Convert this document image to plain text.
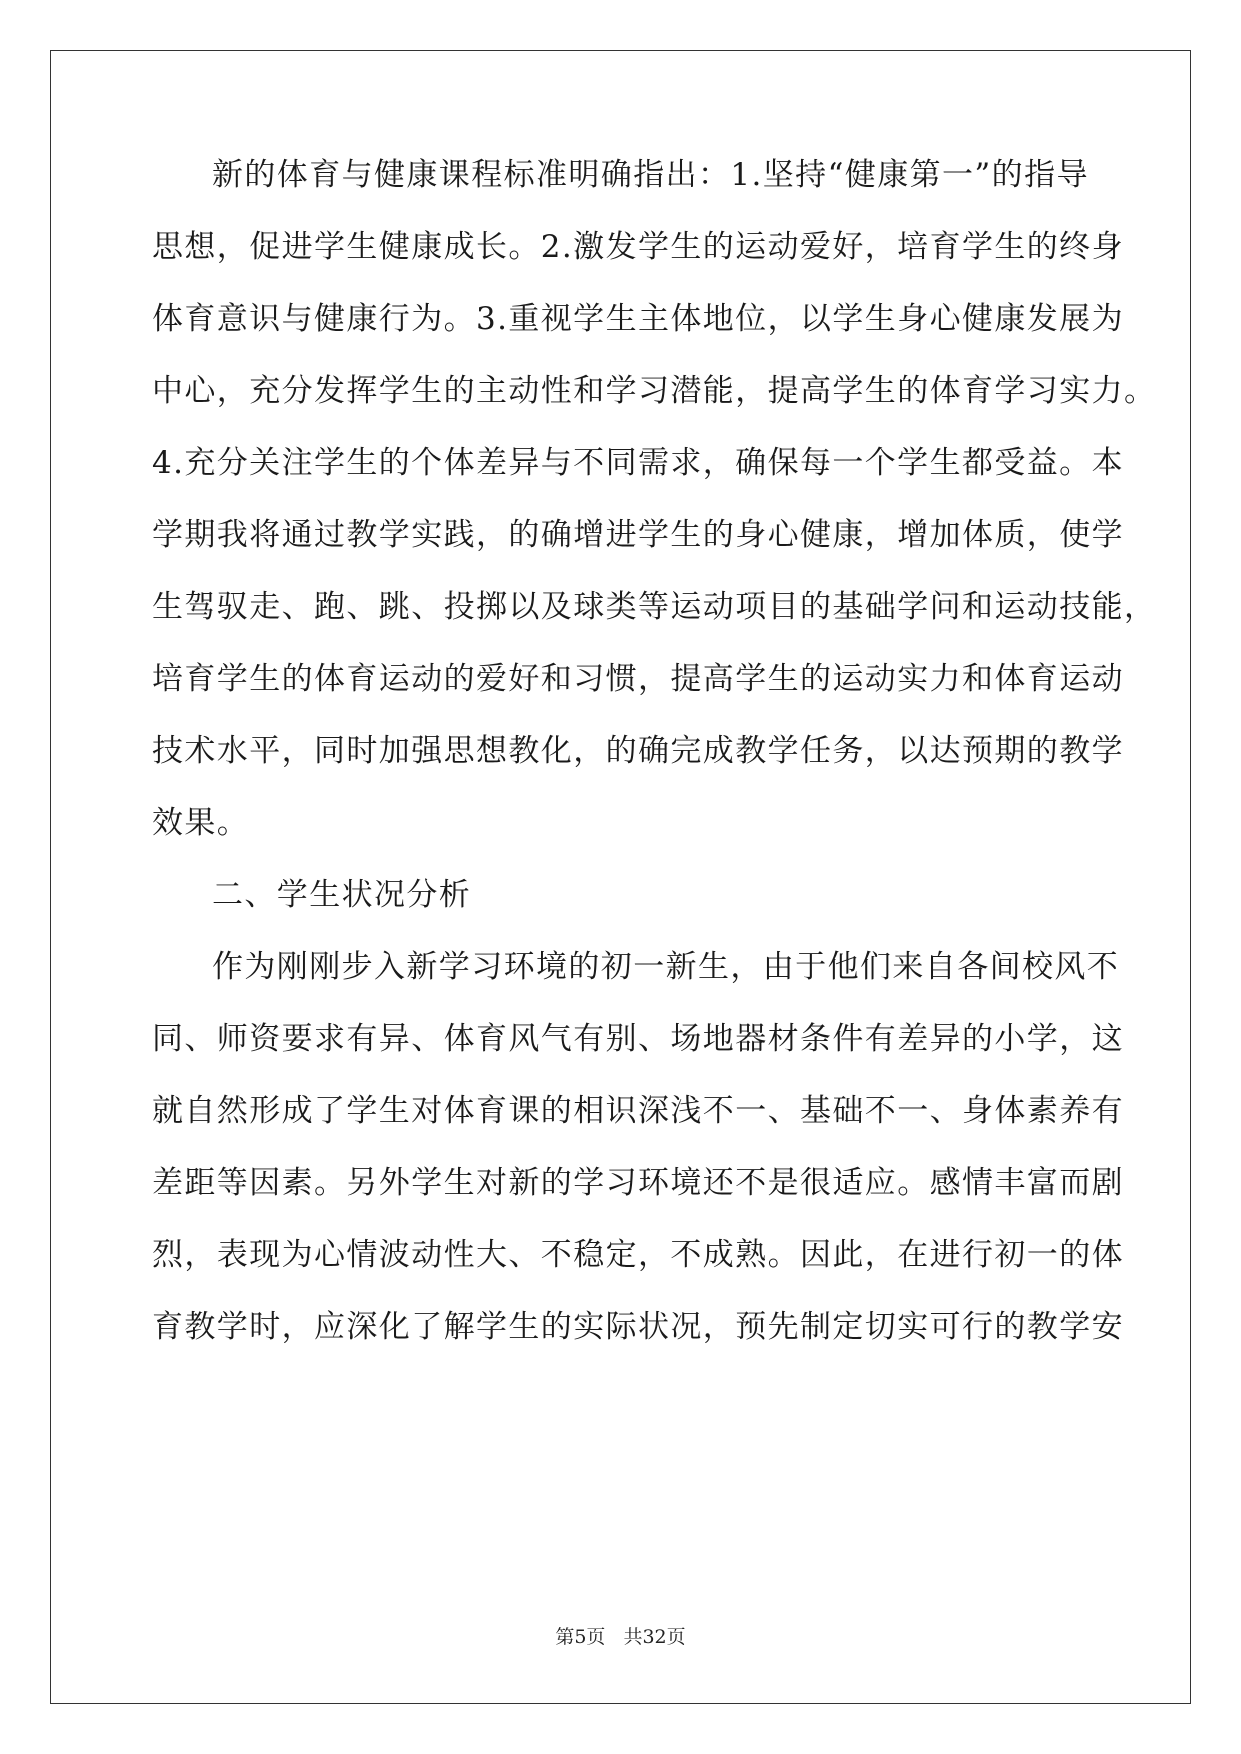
新的体育与健康课程标准明确指出：1.坚持“健康第一”的指导
思想，促进学生健康成长。2.激发学生的运动爱好，培育学生的终身
体育意识与健康行为。3.重视学生主体地位，以学生身心健康发展为
中心，充分发挥学生的主动性和学习潜能，提高学生的体育学习实力。
4.充分关注学生的个体差异与不同需求，确保每一个学生都受益。本
学期我将通过教学实践，的确增进学生的身心健康，增加体质，使学
生驾驭走、跑、跳、投掷以及球类等运动项目的基础学问和运动技能，
培育学生的体育运动的爱好和习惯，提高学生的运动实力和体育运动
技术水平，同时加强思想教化，的确完成教学任务，以达预期的教学
效果。
二、学生状况分析
作为刚刚步入新学习环境的初一新生，由于他们来自各间校风不
同、师资要求有异、体育风气有别、场地器材条件有差异的小学，这
就自然形成了学生对体育课的相识深浅不一、基础不一、身体素养有
差距等因素。另外学生对新的学习环境还不是很适应。感情丰富而剧
烈，表现为心情波动性大、不稳定，不成熟。因此，在进行初一的体
育教学时，应深化了解学生的实际状况，预先制定切实可行的教学安
第5页 共32页
